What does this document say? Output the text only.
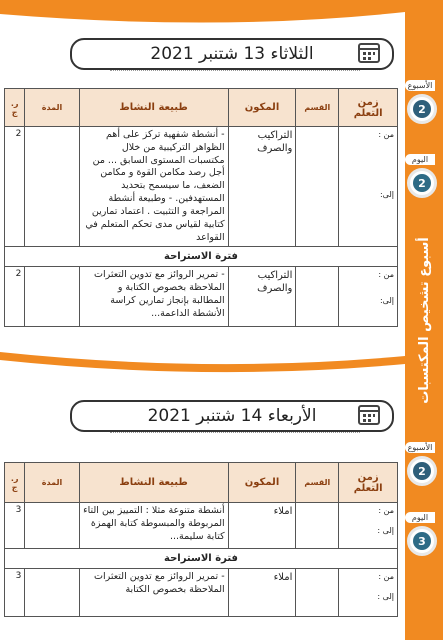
أسبوع تشخيص المكتسبات
الأسبوع
2
اليوم
2
الأسبوع
2
اليوم
3
الثلاثاء 13 شتنبر 2021
زمن التعلم	القسم	المكون	طبيعة النشاط	المدة	ر. ج

من :
إلى:		التراكيب والصرف	- أنشطة شفهية تركز على أهم الظواهر التركيبية من خلال مكتسبات المستوى السابق ... من أجل رصد مكامن القوة و مكامن الضعف، ما سيسمح بتحديد المستهدفين. - وطبيعة أنشطة المراجعة و التثبيت . اعتماد تمارين كتابية لقياس مدى تحكم المتعلم في القواعد		2
فترة الاستراحة					

من :
إلى:		التراكيب والصرف	- تمرير الروائز مع تدوين التعثرات الملاحظة بخصوص الكتابة و المطالبة بإنجاز تمارين كراسة الأنشطة الداعمة...		2
الأربعاء 14 شتنبر 2021
زمن التعلم	القسم	المكون	طبيعة النشاط	المدة	ر. ج

من :
إلى :		املاء	أنشطة متنوعة مثلا : التمييز بين التاء المربوطة والمبسوطة كتابة الهمزة كتابة سليمة...		3
فترة الاستراحة					

من :
إلى :		املاء	- تمرير الروائز مع تدوين التعثرات الملاحظة بخصوص الكتابة		3
